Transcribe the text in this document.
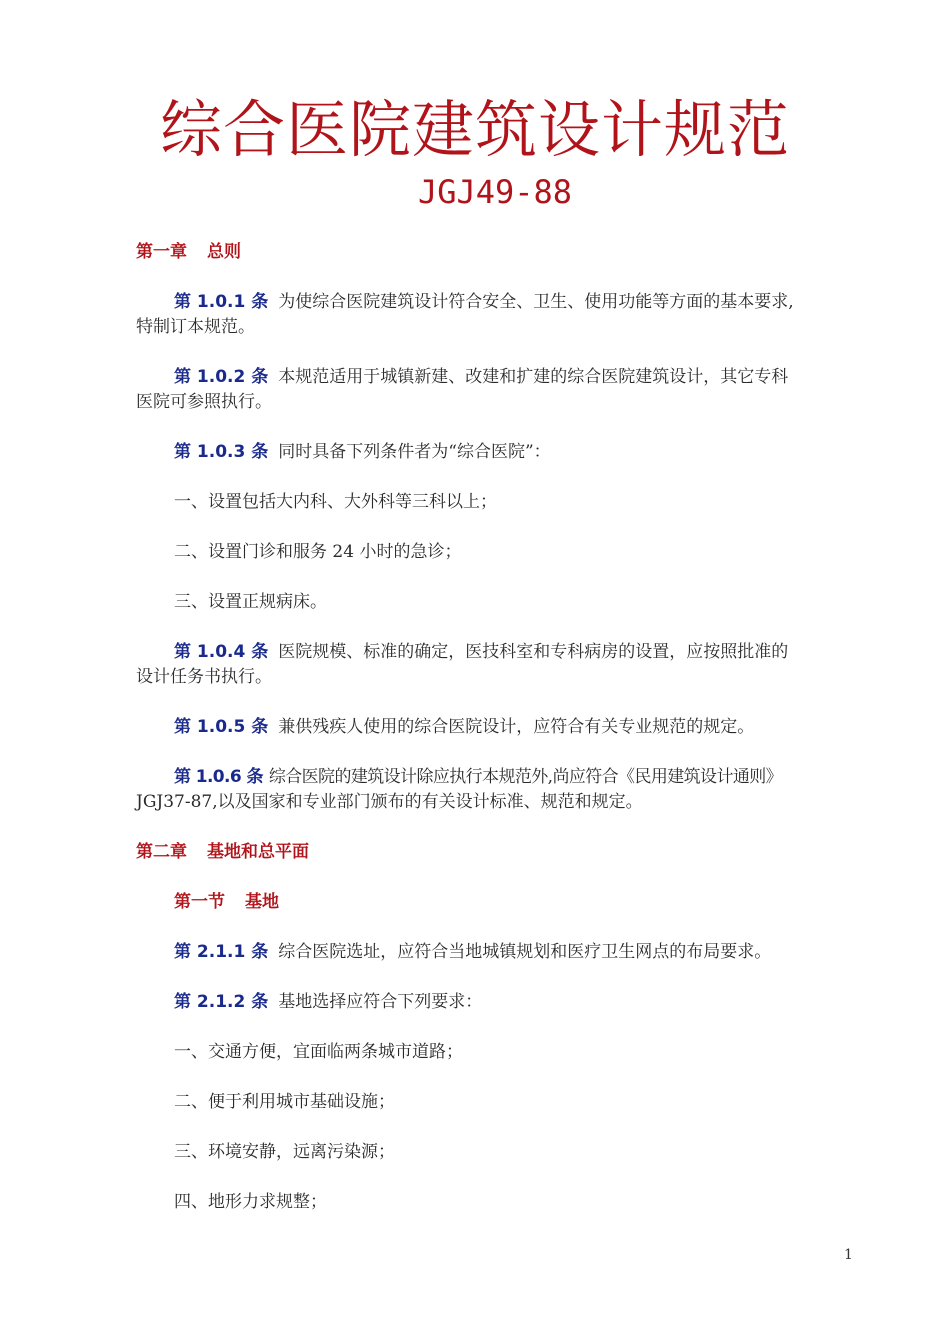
综合医院建筑设计规范
JGJ49-88
第一章 总则
第 1.0.1 条 为使综合医院建筑设计符合安全、卫生、使用功能等方面的基本要求,
特制订本规范。
第 1.0.2 条 本规范适用于城镇新建、改建和扩建的综合医院建筑设计，其它专科
医院可参照执行。
第 1.0.3 条 同时具备下列条件者为“综合医院”：
一、设置包括大内科、大外科等三科以上；
二、设置门诊和服务 24 小时的急诊；
三、设置正规病床。
第 1.0.4 条 医院规模、标准的确定，医技科室和专科病房的设置，应按照批准的
设计任务书执行。
第 1.0.5 条 兼供残疾人使用的综合医院设计，应符合有关专业规范的规定。
第 1.0.6 条 综合医院的建筑设计除应执行本规范外,尚应符合《民用建筑设计通则》
JGJ37-87,以及国家和专业部门颁布的有关设计标准、规范和规定。
第二章 基地和总平面
第一节 基地
第 2.1.1 条 综合医院选址，应符合当地城镇规划和医疗卫生网点的布局要求。
第 2.1.2 条 基地选择应符合下列要求：
一、交通方便，宜面临两条城市道路；
二、便于利用城市基础设施；
三、环境安静，远离污染源；
四、地形力求规整；
1
